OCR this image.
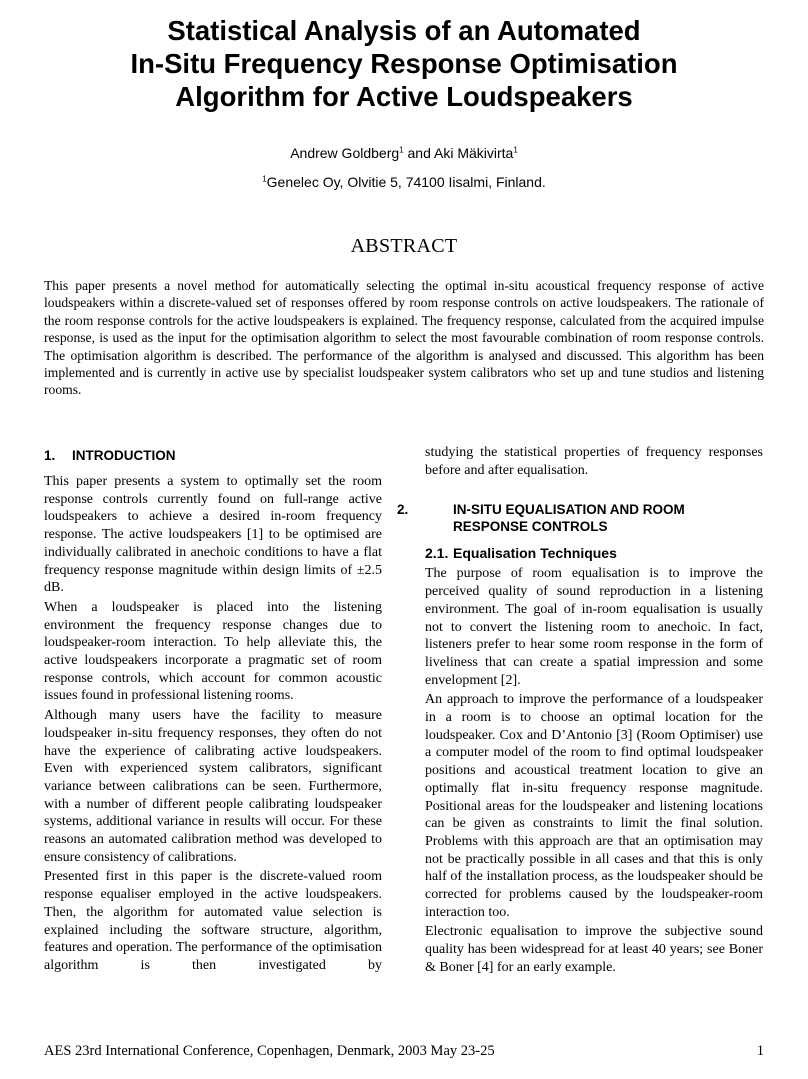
Statistical Analysis of an Automated
In-Situ Frequency Response Optimisation
Algorithm for Active Loudspeakers
Andrew Goldberg$^1$ and Aki Mäkivirta$^1$
$^1$Genelec Oy, Olvitie 5, 74100 Iisalmi, Finland.
ABSTRACT

This paper presents a novel method for automatically selecting the optimal in-situ acoustical frequency response of active loudspeakers within a discrete-valued set of responses offered by room response controls on active loudspeakers. The rationale of the room response controls for the active loudspeakers is explained. The frequency response, calculated from the acquired impulse response, is used as the input for the optimisation algorithm to select the most favourable combination of room response controls. The optimisation algorithm is described. The performance of the algorithm is analysed and discussed. This algorithm has been implemented and is currently in active use by specialist loudspeaker system calibrators who set up and tune studios and listening rooms.

1. INTRODUCTION

This paper presents a system to optimally set the room response controls currently found on full-range active loudspeakers to achieve a desired in-room frequency response. The active loudspeakers [1] to be optimised are individually calibrated in anechoic conditions to have a flat frequency response magnitude within design limits of ±2.5 dB.

When a loudspeaker is placed into the listening environment the frequency response changes due to loudspeaker-room interaction. To help alleviate this, the active loudspeakers incorporate a pragmatic set of room response controls, which account for common acoustic issues found in professional listening rooms.

Although many users have the facility to measure loudspeaker in-situ frequency responses, they often do not have the experience of calibrating active loudspeakers. Even with experienced system calibrators, significant variance between calibrations can be seen. Furthermore, with a number of different people calibrating loudspeaker systems, additional variance in results will occur. For these reasons an automated calibration method was developed to ensure consistency of calibrations.

Presented first in this paper is the discrete-valued room response equaliser employed in the active loudspeakers. Then, the algorithm for automated value selection is explained including the software structure, algorithm, features and operation. The performance of the optimisation algorithm is then investigated by

studying the statistical properties of frequency responses before and after equalisation.

2.	IN-SITU EQUALISATION AND ROOM
RESPONSE CONTROLS
2.1. Equalisation Techniques

The purpose of room equalisation is to improve the perceived quality of sound reproduction in a listening environment. The goal of in-room equalisation is usually not to convert the listening room to anechoic. In fact, listeners prefer to hear some room response in the form of liveliness that can create a spatial impression and some envelopment [2].

An approach to improve the performance of a loudspeaker in a room is to choose an optimal location for the loudspeaker. Cox and D’Antonio [3] (Room Optimiser) use a computer model of the room to find optimal loudspeaker positions and acoustical treatment location to give an optimally flat in-situ frequency response magnitude. Positional areas for the loudspeaker and listening locations can be given as constraints to limit the final solution. Problems with this approach are that an optimisation may not be practically possible in all cases and that this is only half of the installation process, as the loudspeaker should be corrected for problems caused by the loudspeaker-room interaction too.

Electronic equalisation to improve the subjective sound quality has been widespread for at least 40 years; see Boner & Boner [4] for an early example.

AES 23rd International Conference, Copenhagen, Denmark, 2003 May 23-25	1
